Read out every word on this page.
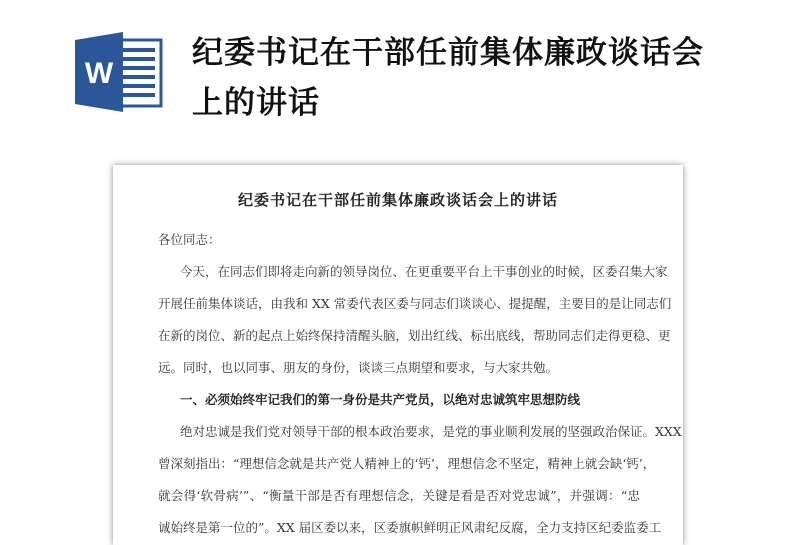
W
纪委书记在干部任前集体廉政谈话会上的讲话
纪委书记在干部任前集体廉政谈话会上的讲话
各位同志：
今天，在同志们即将走向新的领导岗位、在更重要平台上干事创业的时候，区委召集大家
开展任前集体谈话，由我和 XX 常委代表区委与同志们谈谈心、提提醒，主要目的是让同志们
在新的岗位、新的起点上始终保持清醒头脑，划出红线、标出底线，帮助同志们走得更稳、更
远。同时，也以同事、朋友的身份，谈谈三点期望和要求，与大家共勉。
一、必须始终牢记我们的第一身份是共产党员，以绝对忠诚筑牢思想防线
绝对忠诚是我们党对领导干部的根本政治要求，是党的事业顺利发展的坚强政治保证。XXX
曾深刻指出：“理想信念就是共产党人精神上的‘钙’，理想信念不坚定，精神上就会缺‘钙’，
就会得‘软骨病’”、“衡量干部是否有理想信念，关键是看是否对党忠诚”，并强调：“忠
诚始终是第一位的”。XX 届区委以来，区委旗帜鲜明正风肃纪反腐，全力支持区纪委监委工
